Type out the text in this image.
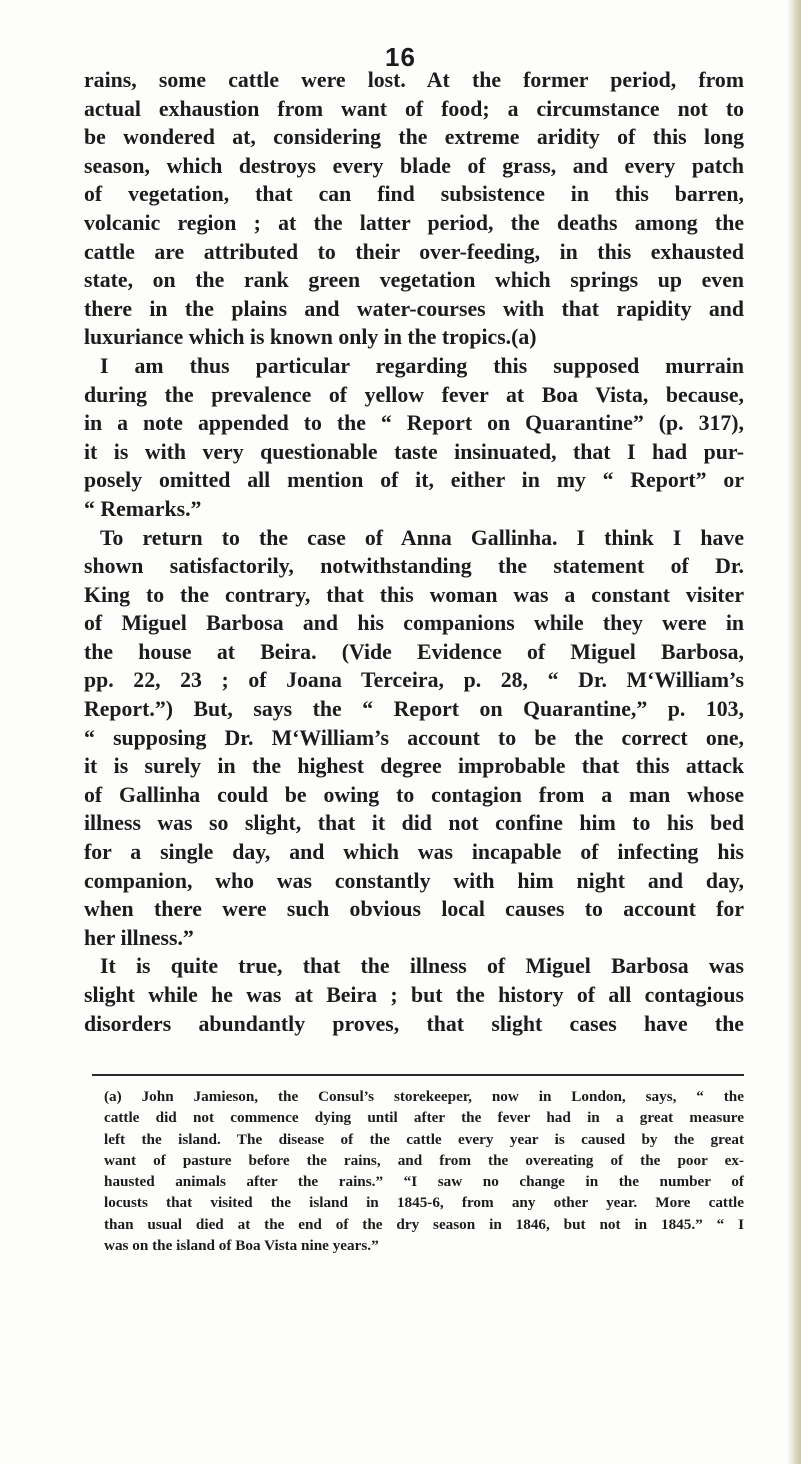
16
rains, some cattle were lost. At the former period, from
actual exhaustion from want of food; a circumstance not to
be wondered at, considering the extreme aridity of this long
season, which destroys every blade of grass, and every patch
of vegetation, that can find subsistence in this barren,
volcanic region ; at the latter period, the deaths among the
cattle are attributed to their over-feeding, in this exhausted
state, on the rank green vegetation which springs up even
there in the plains and water-courses with that rapidity and
luxuriance which is known only in the tropics.(a)
I am thus particular regarding this supposed murrain
during the prevalence of yellow fever at Boa Vista, because,
in a note appended to the “ Report on Quarantine” (p. 317),
it is with very questionable taste insinuated, that I had pur-
posely omitted all mention of it, either in my “ Report” or
“ Remarks.”
To return to the case of Anna Gallinha. I think I have
shown satisfactorily, notwithstanding the statement of Dr.
King to the contrary, that this woman was a constant visiter
of Miguel Barbosa and his companions while they were in
the house at Beira. (Vide Evidence of Miguel Barbosa,
pp. 22, 23 ; of Joana Terceira, p. 28, “ Dr. M‘William’s
Report.”) But, says the “ Report on Quarantine,” p. 103,
“ supposing Dr. M‘William’s account to be the correct one,
it is surely in the highest degree improbable that this attack
of Gallinha could be owing to contagion from a man whose
illness was so slight, that it did not confine him to his bed
for a single day, and which was incapable of infecting his
companion, who was constantly with him night and day,
when there were such obvious local causes to account for
her illness.”
It is quite true, that the illness of Miguel Barbosa was
slight while he was at Beira ; but the history of all contagious
disorders abundantly proves, that slight cases have the
(a) John Jamieson, the Consul’s storekeeper, now in London, says, “ the
cattle did not commence dying until after the fever had in a great measure
left the island. The disease of the cattle every year is caused by the great
want of pasture before the rains, and from the overeating of the poor ex-
hausted animals after the rains.” “I saw no change in the number of
locusts that visited the island in 1845-6, from any other year. More cattle
than usual died at the end of the dry season in 1846, but not in 1845.” “ I
was on the island of Boa Vista nine years.”
